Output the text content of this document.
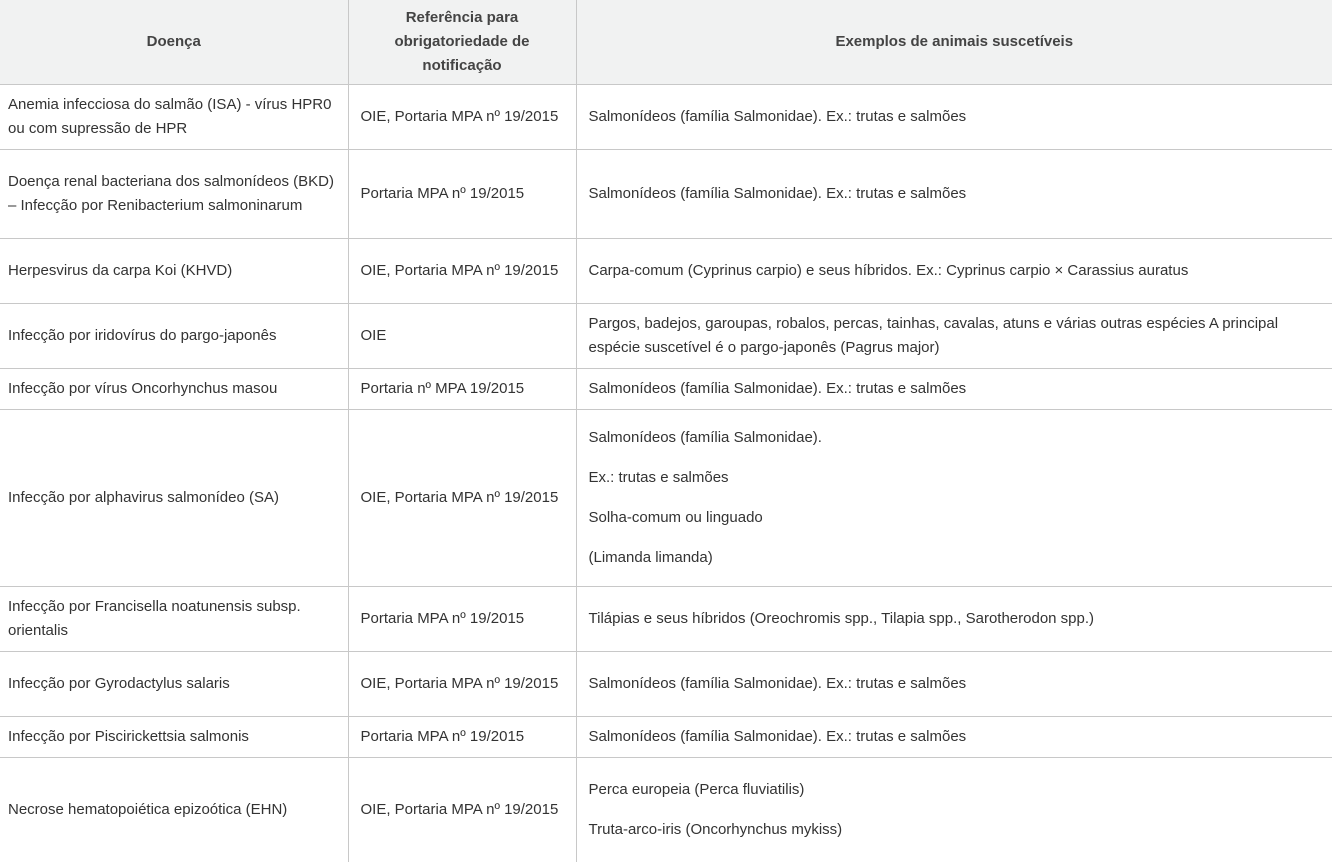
Doença	Referência para obrigatoriedade de notificação	Exemplos de animais suscetíveis
Anemia infecciosa do salmão (ISA) - vírus HPR0 ou com supressão de HPR	OIE, Portaria MPA nº 19/2015	Salmonídeos (família Salmonidae). Ex.: trutas e salmões

Doença renal bacteriana dos salmonídeos (BKD) – Infecção por Renibacterium salmoninarum	Portaria MPA nº 19/2015	Salmonídeos (família Salmonidae). Ex.: trutas e salmões

Herpesvirus da carpa Koi (KHVD)	OIE, Portaria MPA nº 19/2015	Carpa-comum (Cyprinus carpio) e seus híbridos. Ex.: Cyprinus carpio × Carassius auratus

Infecção por iridovírus do pargo-japonês	OIE	Pargos, badejos, garoupas, robalos, percas, tainhas, cavalas, atuns e várias outras espécies A principal espécie suscetível é o pargo-japonês (Pagrus major)

Infecção por vírus Oncorhynchus masou	Portaria nº MPA 19/2015	Salmonídeos (família Salmonidae). Ex.: trutas e salmões

Infecção por alphavirus salmonídeo (SA)	OIE, Portaria MPA nº 19/2015	Salmonídeos (família Salmonidae).

Ex.: trutas e salmões

Solha-comum ou linguado

(Limanda limanda)

Infecção por Francisella noatunensis subsp. orientalis	Portaria MPA nº 19/2015	Tilápias e seus híbridos (Oreochromis spp., Tilapia spp., Sarotherodon spp.)

Infecção por Gyrodactylus salaris	OIE, Portaria MPA nº 19/2015	Salmonídeos (família Salmonidae). Ex.: trutas e salmões

Infecção por Piscirickettsia salmonis	Portaria MPA nº 19/2015	Salmonídeos (família Salmonidae). Ex.: trutas e salmões

Necrose hematopoiética epizoótica (EHN)	OIE, Portaria MPA nº 19/2015	Perca europeia (Perca fluviatilis)

Truta-arco-iris (Oncorhynchus mykiss)
